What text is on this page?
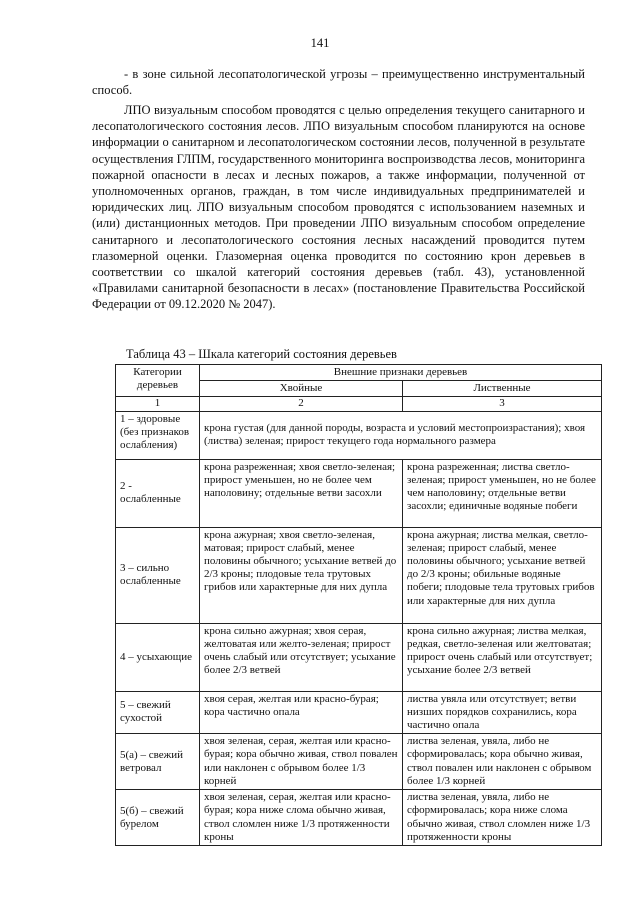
141

- в зоне сильной лесопатологической угрозы – преимущественно инструментальный способ.

ЛПО визуальным способом проводятся с целью определения текущего санитарного и лесопатологического состояния лесов. ЛПО визуальным способом планируются на основе информации о санитарном и лесопатологическом состоянии лесов, полученной в результате осуществления ГЛПМ, государственного мониторинга воспроизводства лесов, мониторинга пожарной опасности в лесах и лесных пожаров, а также информации, полученной от уполномоченных органов, граждан, в том числе индивидуальных предпринимателей и юридических лиц. ЛПО визуальным способом проводятся с использованием наземных и (или) дистанционных методов. При проведении ЛПО визуальным способом определение санитарного и лесопатологического состояния лесных насаждений проводится путем глазомерной оценки. Глазомерная оценка проводится по состоянию крон деревьев в соответствии со шкалой категорий состояния деревьев (табл. 43), установленной «Правилами санитарной безопасности в лесах» (постановление Правительства Российской Федерации от 09.12.2020 № 2047).

Таблица 43 – Шкала категорий состояния деревьев
Категории деревьев	Внешние признаки деревьев	
	Хвойные	Лиственные
1	2	3
1 – здоровые (без признаков ослабления)	крона густая (для данной породы, возраста и условий местопроизрастания); хвоя (листва) зеленая; прирост текущего года нормального размера	
2 - ослабленные	крона разреженная; хвоя светло-зеленая; прирост уменьшен, но не более чем наполовину; отдельные ветви засохли	крона разреженная; листва светло-зеленая; прирост уменьшен, но не более чем наполовину; отдельные ветви засохли; единичные водяные побеги
3 – сильно ослабленные	крона ажурная; хвоя светло-зеленая, матовая; прирост слабый, менее половины обычного; усыхание ветвей до 2/3 кроны; плодовые тела трутовых грибов или характерные для них дупла	крона ажурная; листва мелкая, светло-зеленая; прирост слабый, менее половины обычного; усыхание ветвей до 2/3 кроны; обильные водяные побеги; плодовые тела трутовых грибов или характерные для них дупла
4 – усыхающие	крона сильно ажурная; хвоя серая, желтоватая или желто-зеленая; прирост очень слабый или отсутствует; усыхание более 2/3 ветвей	крона сильно ажурная; листва мелкая, редкая, светло-зеленая или желтоватая; прирост очень слабый или отсутствует; усыхание более 2/3 ветвей
5 – свежий сухостой	хвоя серая, желтая или красно-бурая; кора частично опала	листва увяла или отсутствует; ветви низших порядков сохранились, кора частично опала
5(а) – свежий ветровал	хвоя зеленая, серая, желтая или красно-бурая; кора обычно живая, ствол повален или наклонен с обрывом более 1/3 корней	листва зеленая, увяла, либо не сформировалась; кора обычно живая, ствол повален или наклонен с обрывом более 1/3 корней
5(б) – свежий бурелом	хвоя зеленая, серая, желтая или красно-бурая; кора ниже слома обычно живая, ствол сломлен ниже 1/3 протяженности кроны	листва зеленая, увяла, либо не сформировалась; кора ниже слома обычно живая, ствол сломлен ниже 1/3 протяженности кроны
